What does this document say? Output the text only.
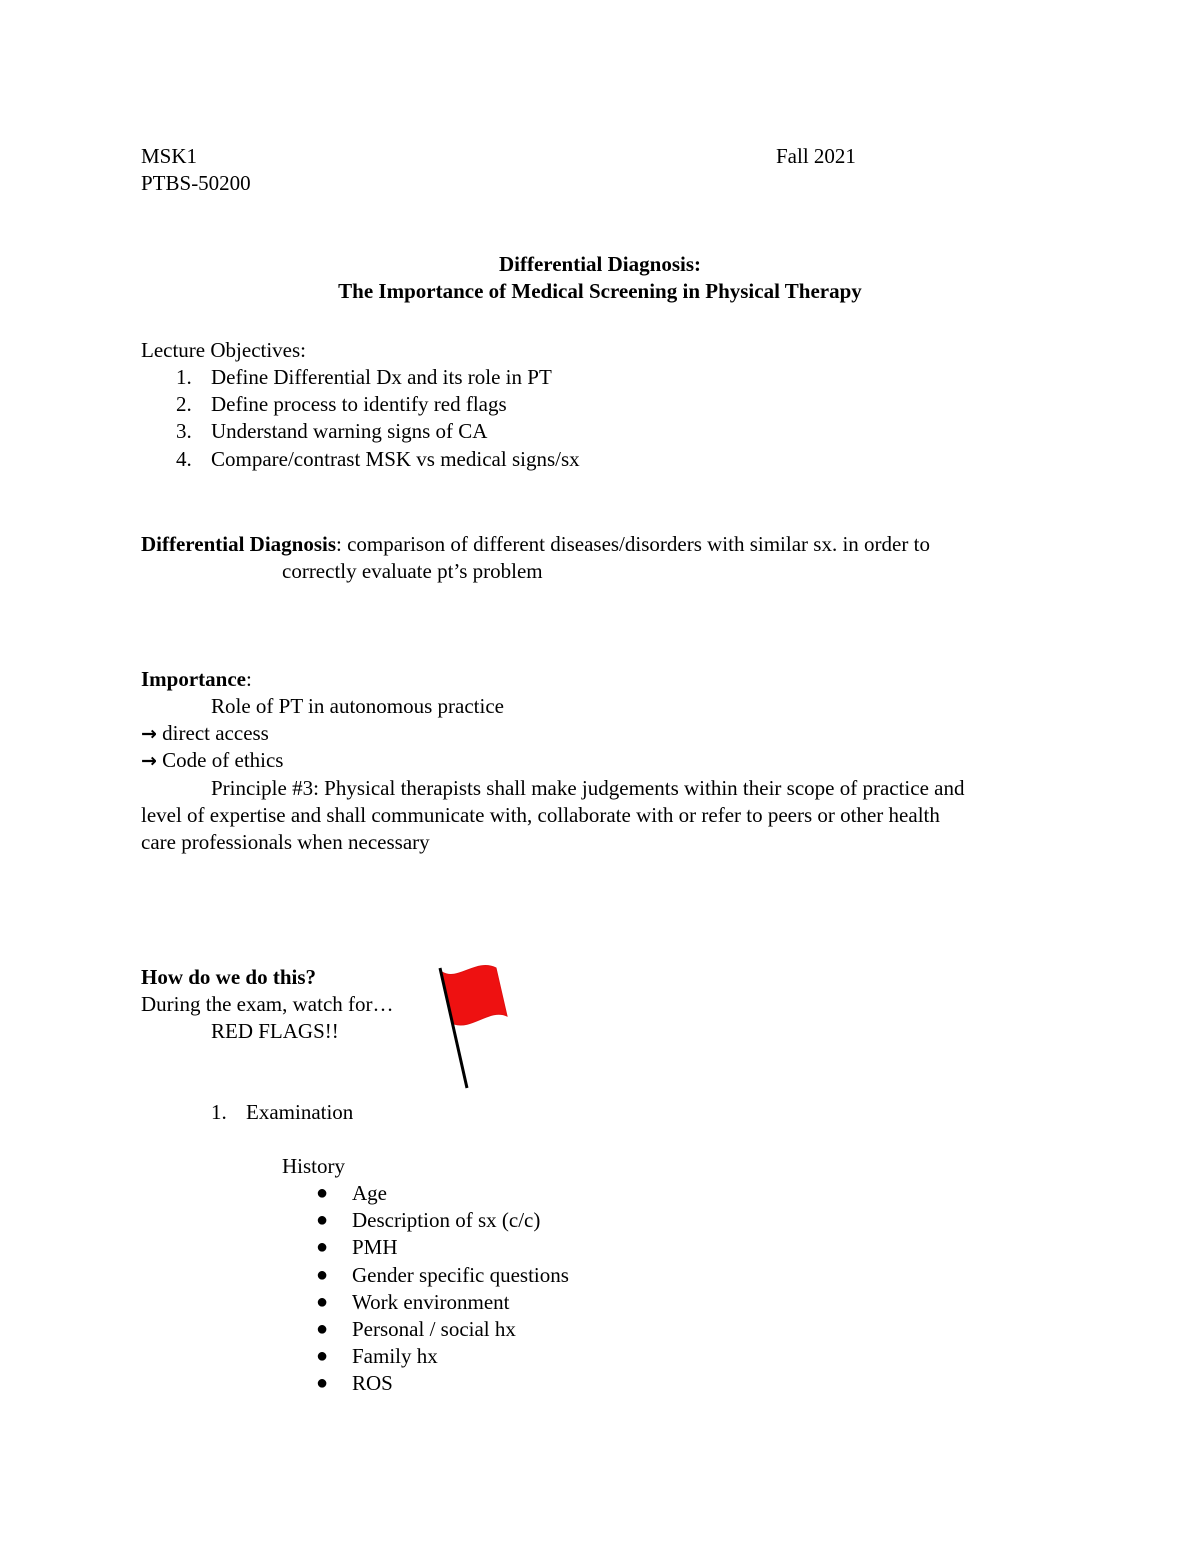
MSK1
PTBS-50200
Fall 2021
Differential Diagnosis:
The Importance of Medical Screening in Physical Therapy
Lecture Objectives:
1. Define Differential Dx and its role in PT
2. Define process to identify red flags
3. Understand warning signs of CA
4. Compare/contrast MSK vs medical signs/sx
Differential Diagnosis: comparison of different diseases/disorders with similar sx. in order to
correctly evaluate pt’s problem
Importance:
Role of PT in autonomous practice
→ direct access
→ Code of ethics
Principle #3: Physical therapists shall make judgements within their scope of practice and
level of expertise and shall communicate with, collaborate with or refer to peers or other health
care professionals when necessary
How do we do this?
During the exam, watch for…
RED FLAGS!!
1. Examination
History
● Age
● Description of sx (c/c)
● PMH
● Gender specific questions
● Work environment
● Personal / social hx
● Family hx
● ROS
